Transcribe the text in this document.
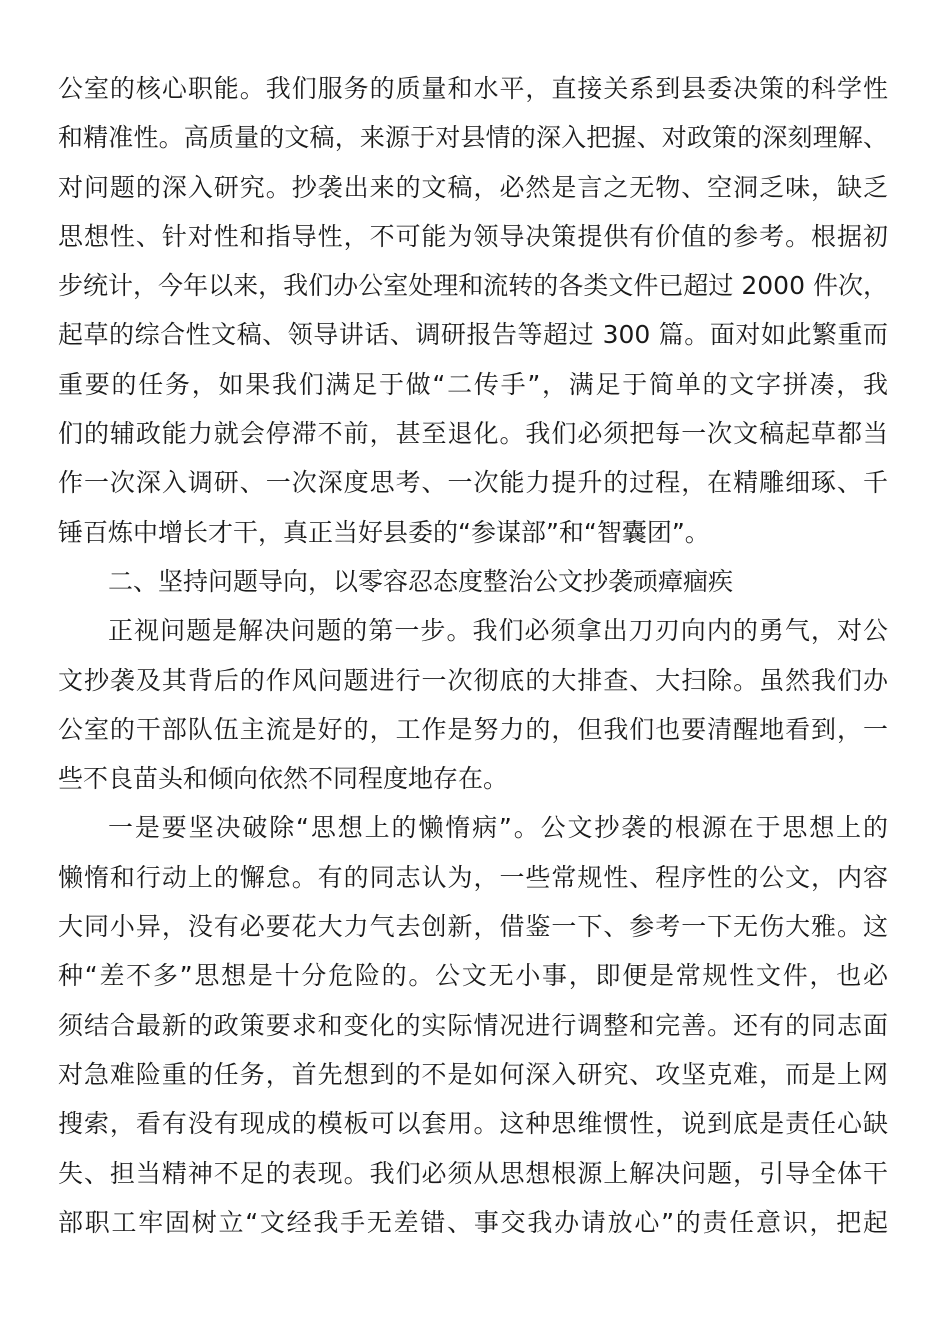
公室的核心职能。我们服务的质量和水平，直接关系到县委决策的科学性
和精准性。高质量的文稿，来源于对县情的深入把握、对政策的深刻理解、
对问题的深入研究。抄袭出来的文稿，必然是言之无物、空洞乏味，缺乏
思想性、针对性和指导性，不可能为领导决策提供有价值的参考。根据初
步统计，今年以来，我们办公室处理和流转的各类文件已超过 2000 件次，
起草的综合性文稿、领导讲话、调研报告等超过 300 篇。面对如此繁重而
重要的任务，如果我们满足于做“二传手”，满足于简单的文字拼凑，我
们的辅政能力就会停滞不前，甚至退化。我们必须把每一次文稿起草都当
作一次深入调研、一次深度思考、一次能力提升的过程，在精雕细琢、千
锤百炼中增长才干，真正当好县委的“参谋部”和“智囊团”。
二、坚持问题导向，以零容忍态度整治公文抄袭顽瘴痼疾
正视问题是解决问题的第一步。我们必须拿出刀刃向内的勇气，对公
文抄袭及其背后的作风问题进行一次彻底的大排查、大扫除。虽然我们办
公室的干部队伍主流是好的，工作是努力的，但我们也要清醒地看到，一
些不良苗头和倾向依然不同程度地存在。
一是要坚决破除“思想上的懒惰病”。公文抄袭的根源在于思想上的
懒惰和行动上的懈怠。有的同志认为，一些常规性、程序性的公文，内容
大同小异，没有必要花大力气去创新，借鉴一下、参考一下无伤大雅。这
种“差不多”思想是十分危险的。公文无小事，即便是常规性文件，也必
须结合最新的政策要求和变化的实际情况进行调整和完善。还有的同志面
对急难险重的任务，首先想到的不是如何深入研究、攻坚克难，而是上网
搜索，看有没有现成的模板可以套用。这种思维惯性，说到底是责任心缺
失、担当精神不足的表现。我们必须从思想根源上解决问题，引导全体干
部职工牢固树立“文经我手无差错、事交我办请放心”的责任意识，把起
